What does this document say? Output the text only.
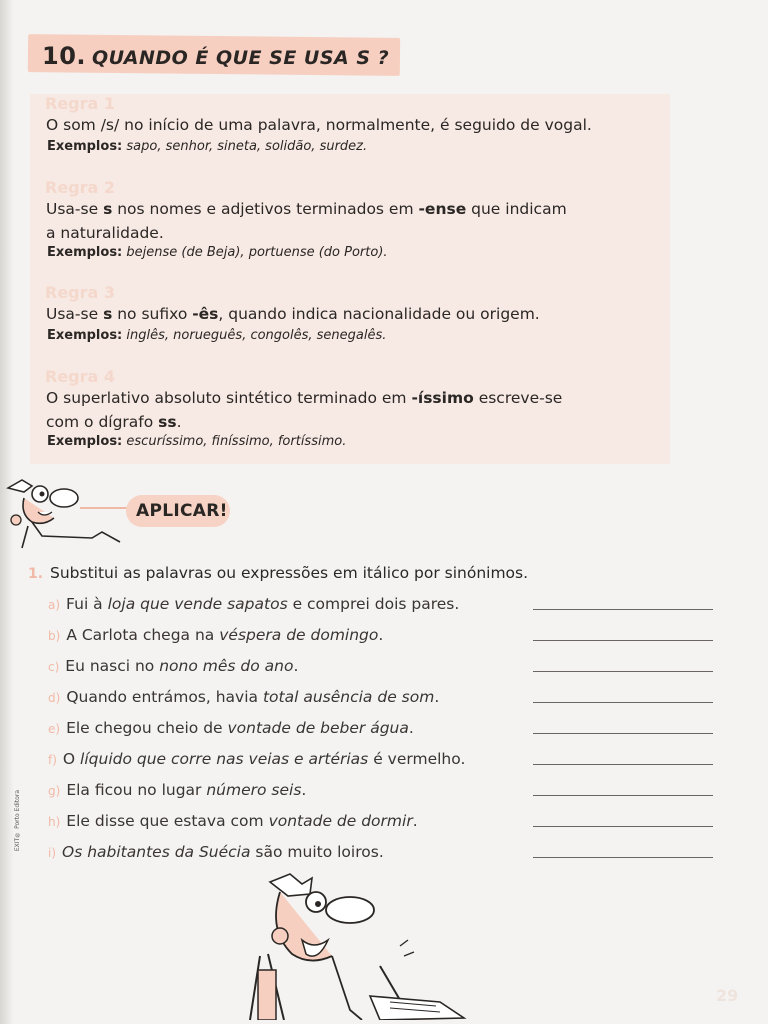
10. QUANDO É QUE SE USA S ?
Regra 1

O som /s/ no início de uma palavra, normalmente, é seguido de vogal.

Exemplos: sapo, senhor, sineta, solidão, surdez.
Regra 2

Usa-se s nos nomes e adjetivos terminados em -ense que indicam
a naturalidade.

Exemplos: bejense (de Beja), portuense (do Porto).
Regra 3

Usa-se s no sufixo -ês, quando indica nacionalidade ou origem.

Exemplos: inglês, norueguês, congolês, senegalês.
Regra 4

O superlativo absoluto sintético terminado em -íssimo escreve-se
com o dígrafo ss.

Exemplos: escuríssimo, finíssimo, fortíssimo.
APLICAR!
1. Substitui as palavras ou expressões em itálico por sinónimos.
a) Fui à loja que vende sapatos e comprei dois pares.
b) A Carlota chega na véspera de domingo.
c) Eu nasci no nono mês do ano.
d) Quando entrámos, havia total ausência de som.
e) Ele chegou cheio de vontade de beber água.
f) O líquido que corre nas veias e artérias é vermelho.
g) Ela ficou no lugar número seis.
h) Ele disse que estava com vontade de dormir.
i) Os habitantes da Suécia são muito loiros.
EXIT® Porto Editora
29
